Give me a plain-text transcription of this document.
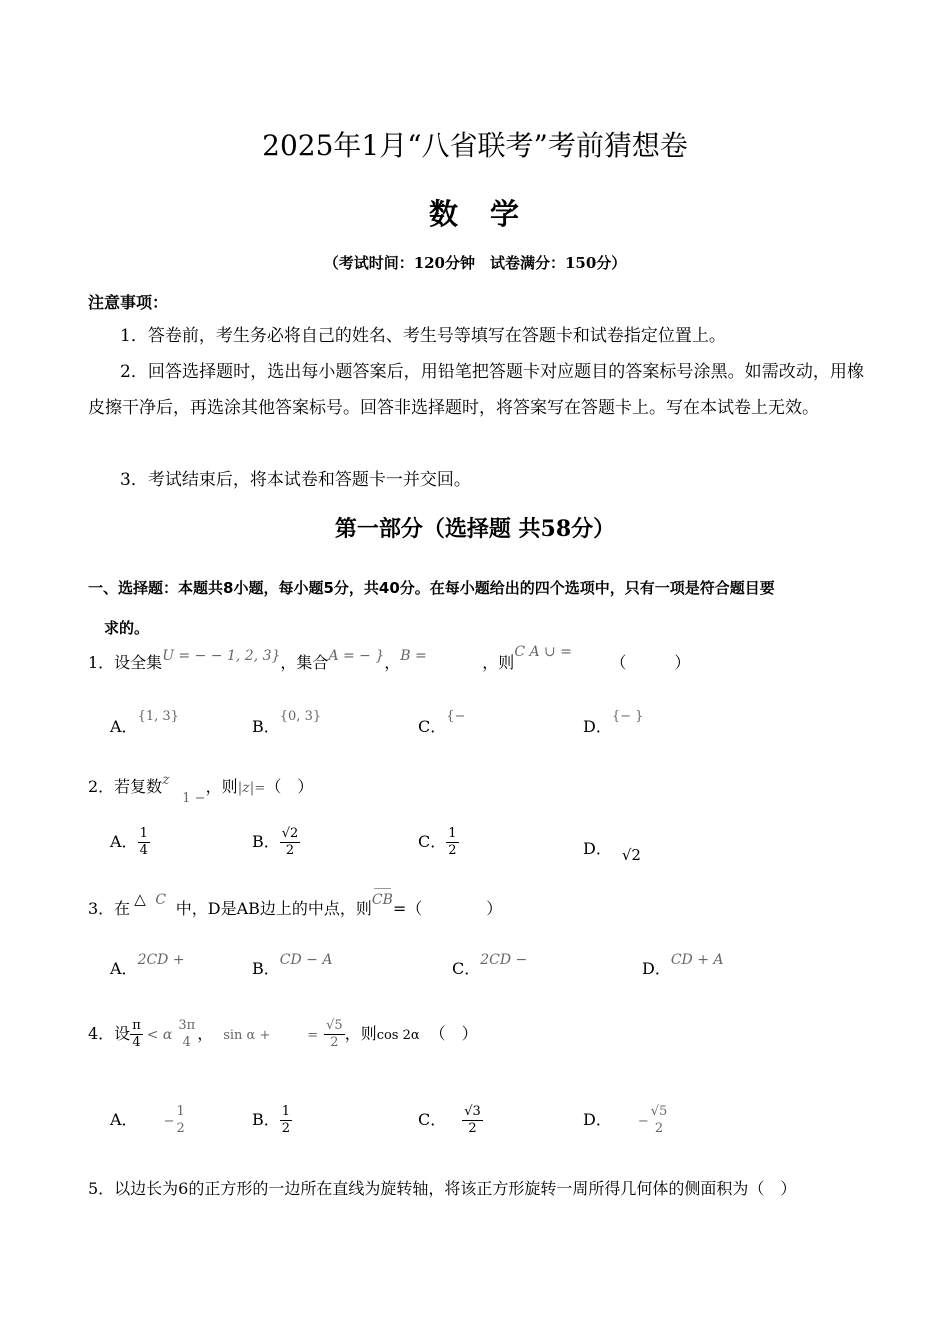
2025年1月“八省联考”考前猜想卷
数 学
（考试时间：120分钟　试卷满分：150分）
注意事项：
1．答卷前，考生务必将自己的姓名、考生号等填写在答题卡和试卷指定位置上。
2．回答选择题时，选出每小题答案后，用铅笔把答题卡对应题目的答案标号涂黑。如需改动，用橡皮擦干净后，再选涂其他答案标号。回答非选择题时，将答案写在答题卡上。写在本试卷上无效。
3．考试结束后，将本试卷和答题卡一并交回。
第一部分（选择题 共58分）
一、选择题：本题共8小题，每小题5分，共40分。在每小题给出的四个选项中，只有一项是符合题目要
求的。
1．设全集U = − − 1, 2, 3}，集合A = − }，B =	，则C A ∪ =（　　　）
A．$^{\{1, 3\}}$
B．$^{\{0, 3\}}$
C．{−
D．{− }
2．若复数z1 −，则|z|=（　）
A． $\frac{1}{4}$	B． $\frac{√2}{2}$	C． $\frac{1}{2}$	D． √2
3．在 △ C 中，D是AB边上的中点，则CB=（　　　　）
A．2CD +	B．CD − A	C．2CD −	D．CD + A
4．设 $\frac{\pi}{4} < \alpha \frac{3\pi}{4}$ ， sin α +	= $\frac{√5}{2}$ ，则cos 2α （　）
A． − $\frac{1}{2}$	B． $\frac{1}{2}$	C． $\frac{√3}{2}$	D． − $\frac{√5}{2}$
5．以边长为6的正方形的一边所在直线为旋转轴，将该正方形旋转一周所得几何体的侧面积为（　）
